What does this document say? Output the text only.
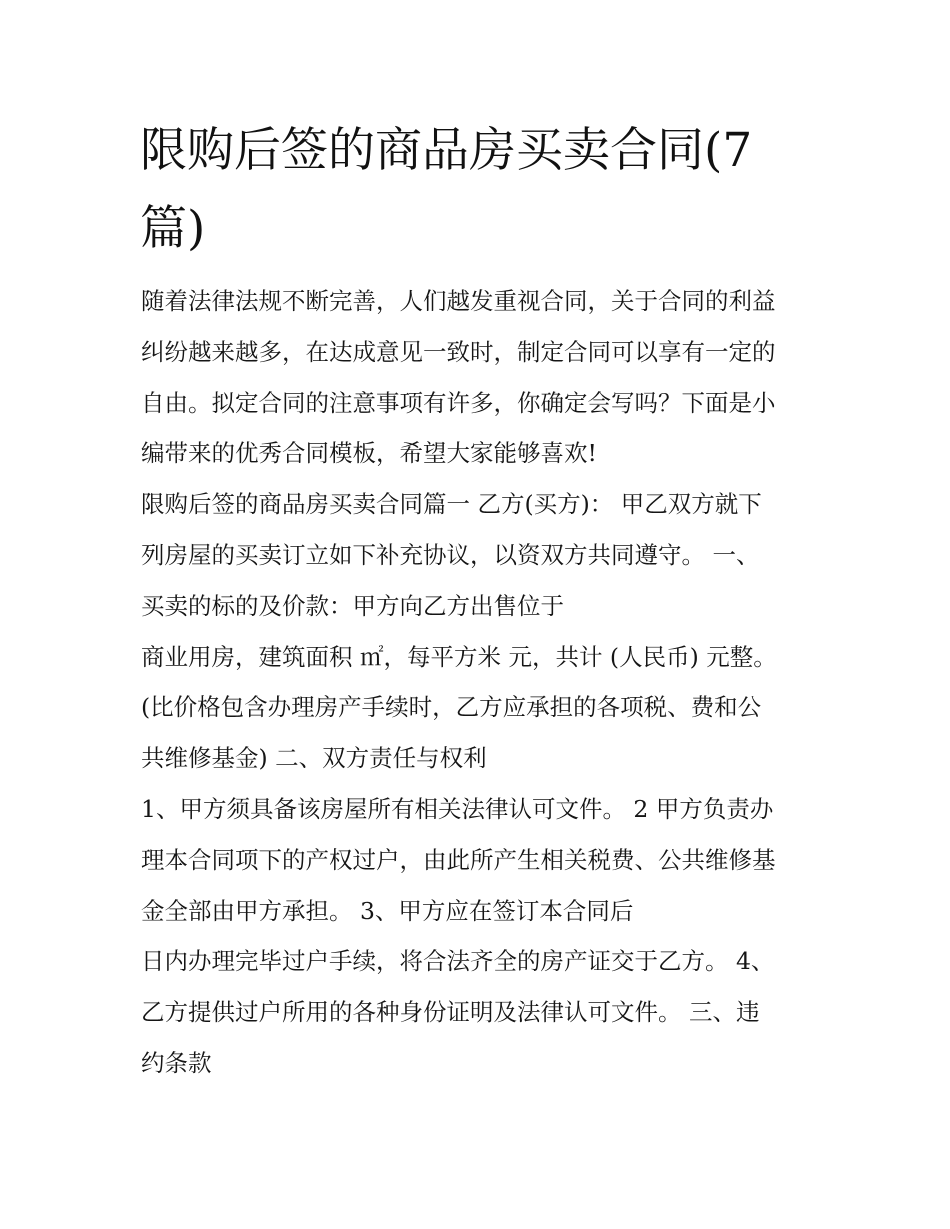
限购后签的商品房买卖合同(7
篇)
随着法律法规不断完善，人们越发重视合同，关于合同的利益
纠纷越来越多，在达成意见一致时，制定合同可以享有一定的
自由。拟定合同的注意事项有许多，你确定会写吗？下面是小
编带来的优秀合同模板，希望大家能够喜欢!
限购后签的商品房买卖合同篇一 乙方(买方)： 甲乙双方就下
列房屋的买卖订立如下补充协议，以资双方共同遵守。 一、
买卖的标的及价款：甲方向乙方出售位于
商业用房，建筑面积 ㎡，每平方米 元，共计 (人民币) 元整。
(比价格包含办理房产手续时，乙方应承担的各项税、费和公
共维修基金) 二、双方责任与权利
1、甲方须具备该房屋所有相关法律认可文件。 2 甲方负责办
理本合同项下的产权过户，由此所产生相关税费、公共维修基
金全部由甲方承担。 3、甲方应在签订本合同后
日内办理完毕过户手续，将合法齐全的房产证交于乙方。 4、
乙方提供过户所用的各种身份证明及法律认可文件。 三、违
约条款
